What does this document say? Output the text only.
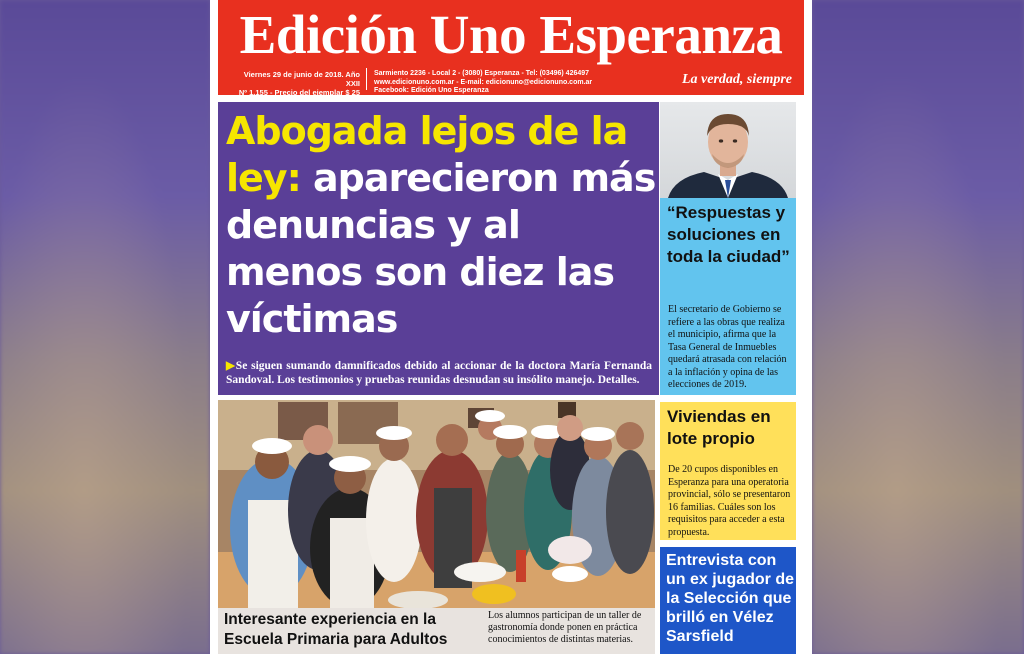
Edición Uno Esperanza
Viernes 29 de junio de 2018. Año XXII
Nº 1.155 - Precio del ejemplar $ 25
Sarmiento 2236 - Local 2 - (3080) Esperanza - Tel: (03496) 426497
www.edicionuno.com.ar - E-mail: edicionuno@edicionuno.com.ar
Facebook: Edición Uno Esperanza
La verdad, siempre
Abogada lejos de la ley: aparecieron más denuncias y al menos son diez las víctimas
▶Se siguen sumando damnificados debido al accionar de la doctora María Fernanda Sandoval. Los testimonios y pruebas reunidas desnudan su insólito manejo. Detalles.
“Respuestas y soluciones en toda la ciudad”
El secretario de Gobierno se refiere a las obras que realiza el municipio, afirma que la Tasa General de Inmuebles quedará atrasada con relación a la inflación y opina de las elecciones de 2019.
Interesante experiencia en la Escuela Primaria para Adultos
Los alumnos participan de un taller de gastronomía donde ponen en práctica conocimientos de distintas materias.
Viviendas en lote propio
De 20 cupos disponibles en Esperanza para una operatoria provincial, sólo se presentaron 16 familias. Cuáles son los requisitos para acceder a esta propuesta.
Entrevista con un ex jugador de la Selección que brilló en Vélez Sarsfield
